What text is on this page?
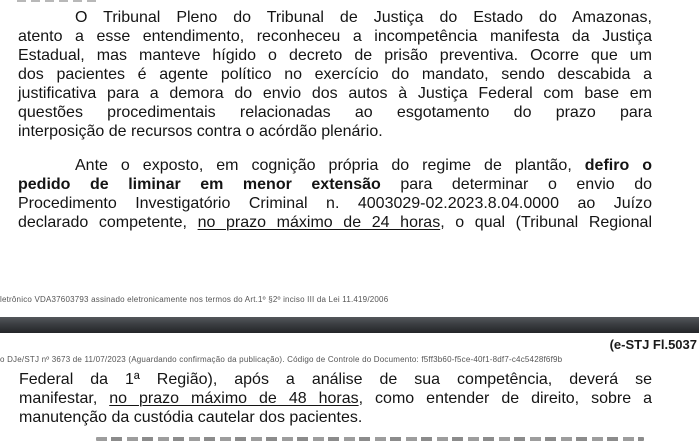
O Tribunal Pleno do Tribunal de Justiça do Estado do Amazonas,
atento a esse entendimento, reconheceu a incompetência manifesta da Justiça
Estadual, mas manteve hígido o decreto de prisão preventiva. Ocorre que um
dos pacientes é agente político no exercício do mandato, sendo descabida a
justificativa para a demora do envio dos autos à Justiça Federal com base em
questões procedimentais relacionadas ao esgotamento do prazo para
interposição de recursos contra o acórdão plenário.
Ante o exposto, em cognição própria do regime de plantão, defiro o
pedido de liminar em menor extensão para determinar o envio do
Procedimento Investigatório Criminal n. 4003029-02.2023.8.04.0000 ao Juízo
declarado competente, no prazo máximo de 24 horas, o qual (Tribunal Regional

letrônico VDA37603793 assinado eletronicamente nos termos do Art.1º §2º inciso III da Lei 11.419/2006

o DJe/STJ nº 3673 de 11/07/2023 (Aguardando confirmação da publicação). Código de Controle do Documento: f5ff3b60-f5ce-40f1-8df7-c4c5428f6f9b

(e-STJ Fl.5037
Federal da 1ª Região), após a análise de sua competência, deverá se
manifestar, no prazo máximo de 48 horas, como entender de direito, sobre a
manutenção da custódia cautelar dos pacientes.
